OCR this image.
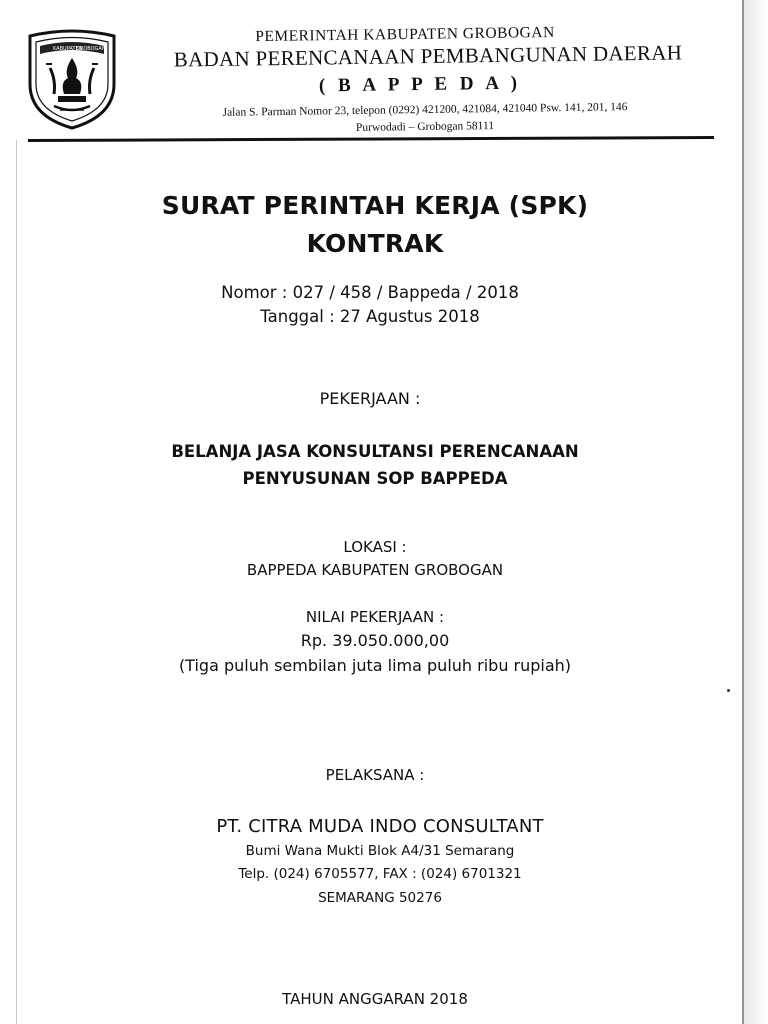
KABUPATEN
GROBOGAN
PEMERINTAH KABUPATEN GROBOGAN
BADAN PERENCANAAN PEMBANGUNAN DAERAH
( B A P P E D A )
Jalan S. Parman Nomor 23, telepon (0292) 421200, 421084, 421040 Psw. 141, 201, 146
Purwodadi – Grobogan 58111
SURAT PERINTAH KERJA (SPK)
KONTRAK
Nomor : 027 / 458 / Bappeda / 2018
Tanggal : 27 Agustus 2018
PEKERJAAN :
BELANJA JASA KONSULTANSI PERENCANAAN
PENYUSUNAN SOP BAPPEDA
LOKASI :
BAPPEDA KABUPATEN GROBOGAN
NILAI PEKERJAAN :
Rp. 39.050.000,00
(Tiga puluh sembilan juta lima puluh ribu rupiah)
PELAKSANA :
PT. CITRA MUDA INDO CONSULTANT
Bumi Wana Mukti Blok A4/31 Semarang
Telp. (024) 6705577, FAX : (024) 6701321
SEMARANG 50276
TAHUN ANGGARAN 2018
